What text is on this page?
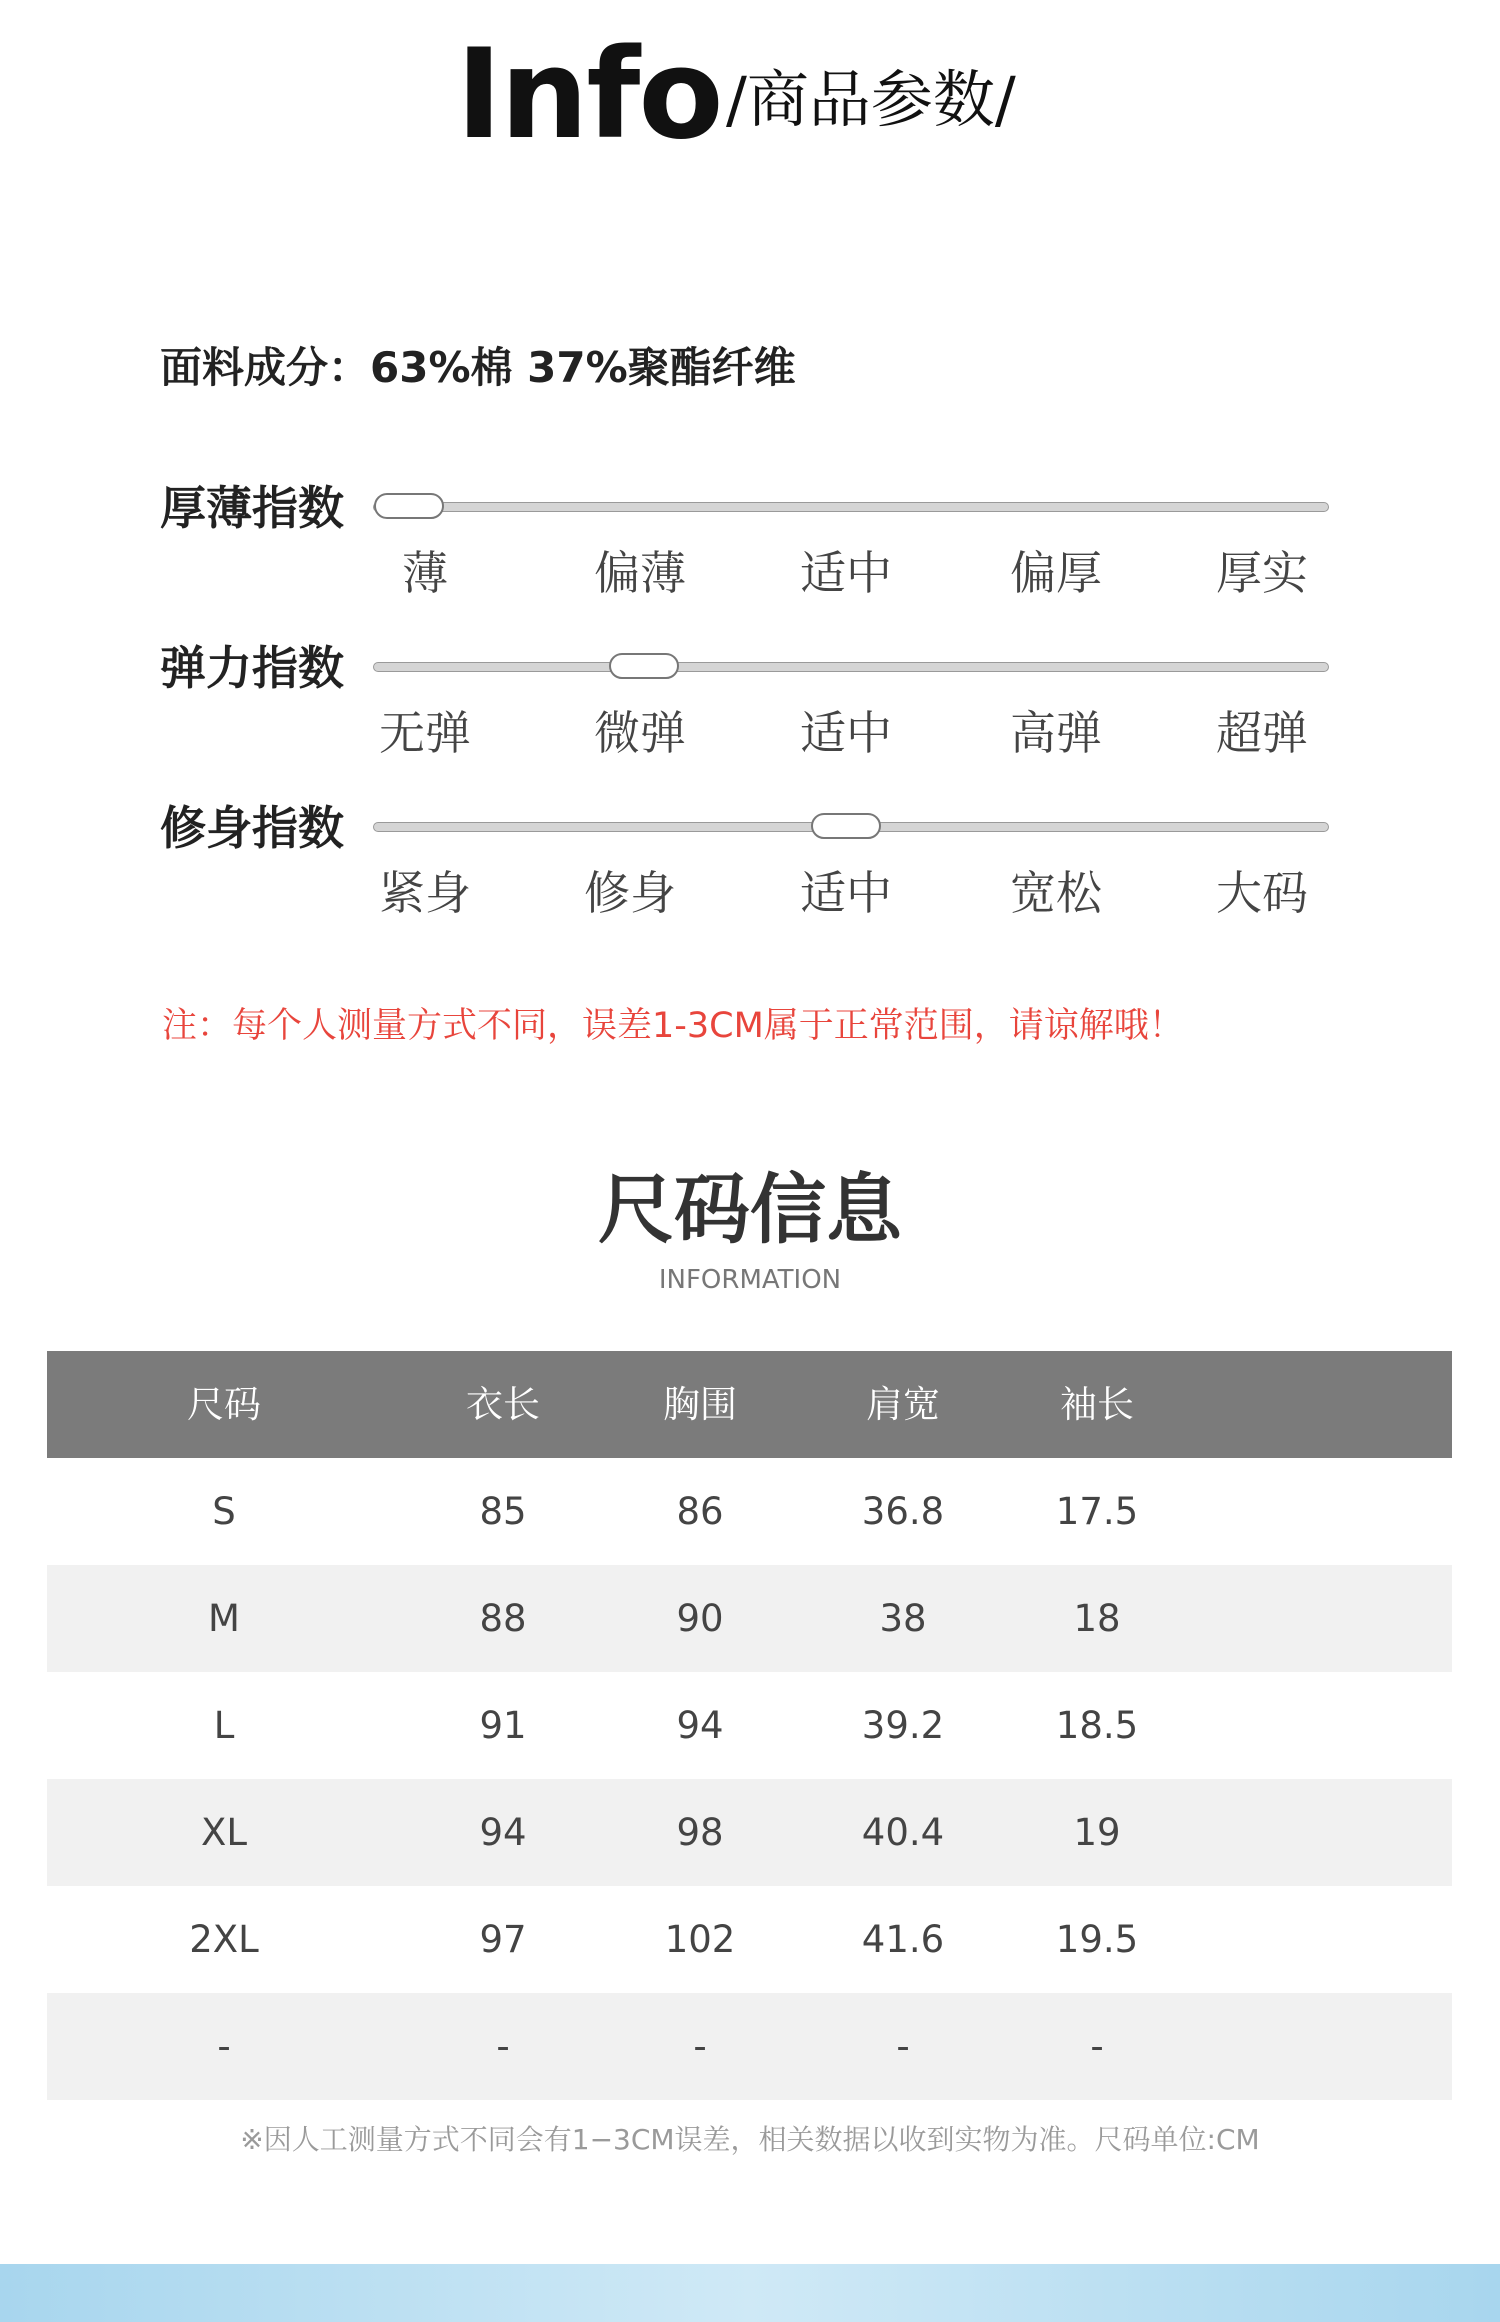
Info /商品参数/
面料成分：63%棉 37%聚酯纤维
厚薄指数
薄	偏薄	适中	偏厚	厚实
弹力指数
无弹	微弹	适中	高弹	超弹
修身指数
紧身	修身	适中	宽松	大码
注：每个人测量方式不同，误差1-3CM属于正常范围，请谅解哦！
尺码信息
INFORMATION
尺码	衣长	胸围	肩宽	袖长
S	85	86	36.8	17.5
M	88	90	38	18
L	91	94	39.2	18.5
XL	94	98	40.4	19
2XL	97	102	41.6	19.5
-	-	-	-	-
※因人工测量方式不同会有1−3CM误差，相关数据以收到实物为准。尺码单位:CM
